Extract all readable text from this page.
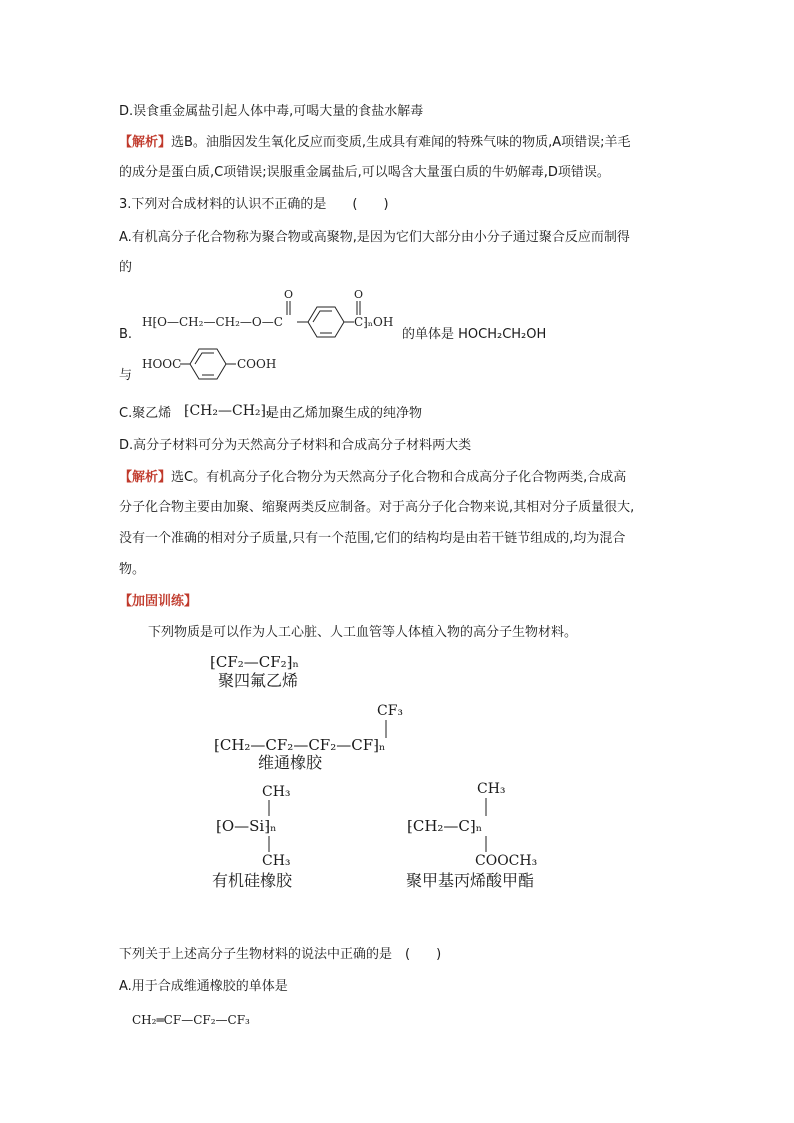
D.误食重金属盐引起人体中毒,可喝大量的食盐水解毒
【解析】选B。油脂因发生氧化反应而变质,生成具有难闻的特殊气味的物质,A项错误;羊毛
的成分是蛋白质,C项错误;误服重金属盐后,可以喝含大量蛋白质的牛奶解毒,D项错误。
3.下列对合成材料的认识不正确的是　　(　　)
A.有机高分子化合物称为聚合物或高聚物,是因为它们大部分由小分子通过聚合反应而制得
的
B.
H⁅O—CH₂—CH₂—O—C
O	O
C⁆ₙOH
的单体是 HOCH₂CH₂OH
与
HOOC	COOH
C.聚乙烯 ⁅CH₂—CH₂⁆ₙ
是由乙烯加聚生成的纯净物
D.高分子材料可分为天然高分子材料和合成高分子材料两大类
【解析】选C。有机高分子化合物分为天然高分子化合物和合成高分子化合物两类,合成高
分子化合物主要由加聚、缩聚两类反应制备。对于高分子化合物来说,其相对分子质量很大,
没有一个准确的相对分子质量,只有一个范围,它们的结构均是由若干链节组成的,均为混合
物。
【加固训练】
下列物质是可以作为人工心脏、人工血管等人体植入物的高分子生物材料。
⁅CF₂—CF₂⁆ₙ
聚四氟乙烯
CF₃
⁅CH₂—CF₂—CF₂—CF⁆ₙ
维通橡胶
CH₃
⁅O—Si⁆ₙ
CH₃
有机硅橡胶
CH₃
⁅CH₂—C⁆ₙ
COOCH₃
聚甲基丙烯酸甲酯
下列关于上述高分子生物材料的说法中正确的是　(　　)
A.用于合成维通橡胶的单体是
CH₂═CF—CF₂—CF₃
